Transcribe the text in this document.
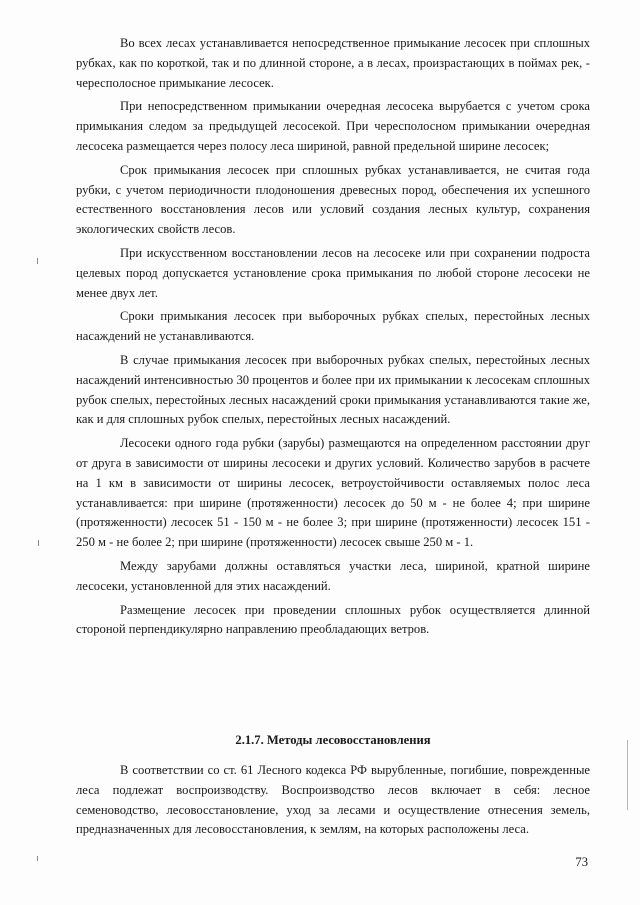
Во всех лесах устанавливается непосредственное примыкание лесосек при сплошных рубках, как по короткой, так и по длинной стороне, а в лесах, произрастающих в поймах рек, - чересполосное примыкание лесосек.

При непосредственном примыкании очередная лесосека вырубается с учетом срока примыкания следом за предыдущей лесосекой. При чересполосном примыкании очередная лесосека размещается через полосу леса шириной, равной предельной ширине лесосек;

Срок примыкания лесосек при сплошных рубках устанавливается, не считая года рубки, с учетом периодичности плодоношения древесных пород, обеспечения их успешного естественного восстановления лесов или условий создания лесных культур, сохранения экологических свойств лесов.

При искусственном восстановлении лесов на лесосеке или при сохранении подроста целевых пород допускается установление срока примыкания по любой стороне лесосеки не менее двух лет.

Сроки примыкания лесосек при выборочных рубках спелых, перестойных лесных насаждений не устанавливаются.

В случае примыкания лесосек при выборочных рубках спелых, перестойных лесных насаждений интенсивностью 30 процентов и более при их примыкании к лесосекам сплошных рубок спелых, перестойных лесных насаждений сроки примыкания устанавливаются такие же, как и для сплошных рубок спелых, перестойных лесных насаждений.

Лесосеки одного года рубки (зарубы) размещаются на определенном расстоянии друг от друга в зависимости от ширины лесосеки и других условий. Количество зарубов в расчете на 1 км в зависимости от ширины лесосек, ветроустойчивости оставляемых полос леса устанавливается: при ширине (протяженности) лесосек до 50 м - не более 4; при ширине (протяженности) лесосек 51 - 150 м - не более 3; при ширине (протяженности) лесосек 151 - 250 м - не более 2; при ширине (протяженности) лесосек свыше 250 м - 1.

Между зарубами должны оставляться участки леса, шириной, кратной ширине лесосеки, установленной для этих насаждений.

Размещение лесосек при проведении сплошных рубок осуществляется длинной стороной перпендикулярно направлению преобладающих ветров.

2.1.7. Методы лесовосстановления

В соответствии со ст. 61 Лесного кодекса РФ вырубленные, погибшие, поврежденные леса подлежат воспроизводству. Воспроизводство лесов включает в себя: лесное семеноводство, лесовосстановление, уход за лесами и осуществление отнесения земель, предназначенных для лесовосстановления, к землям, на которых расположены леса.

73
